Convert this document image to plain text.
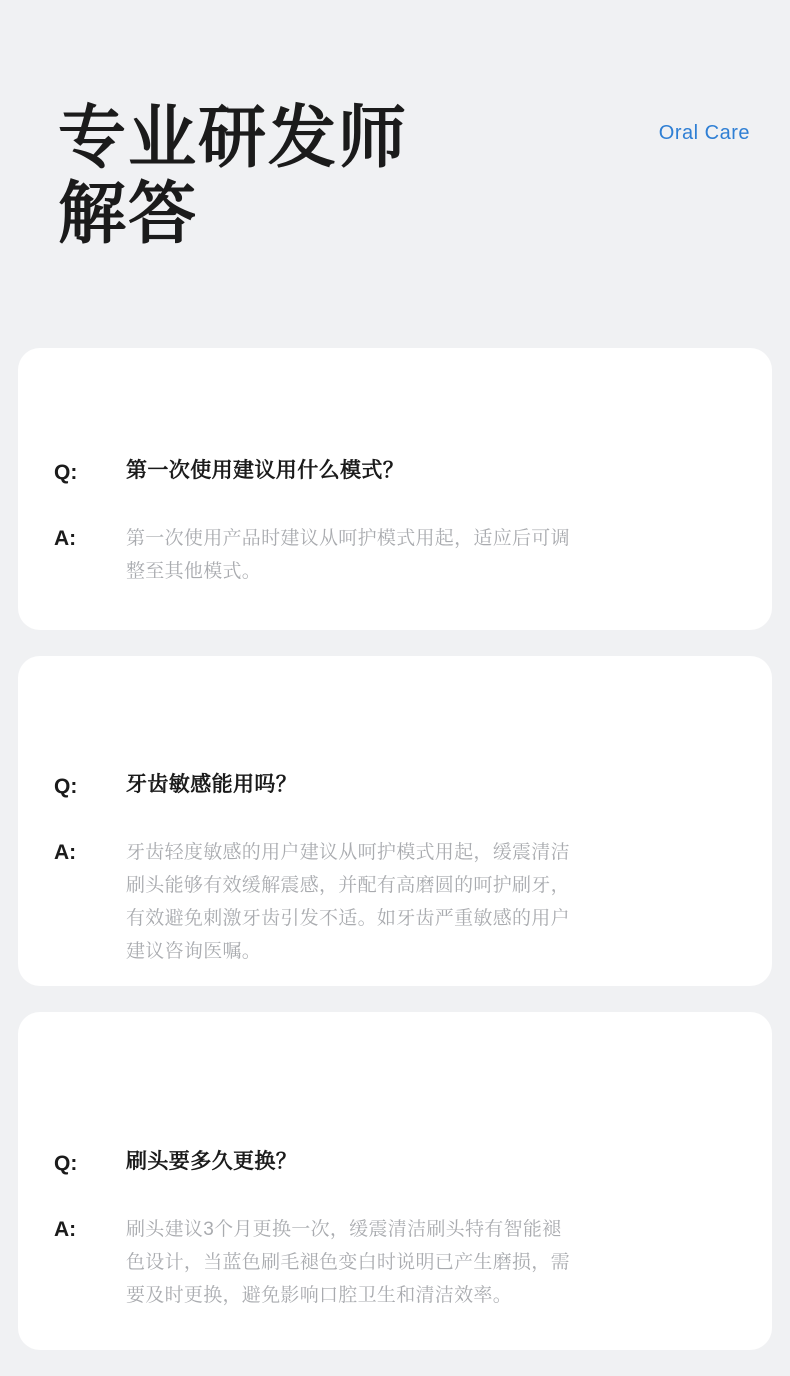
专业研发师
解答
Oral Care
Q:	第一次使用建议用什么模式？
A:	第一次使用产品时建议从呵护模式用起，适应后可调整至其他模式。
Q:	牙齿敏感能用吗？
A:	牙齿轻度敏感的用户建议从呵护模式用起，缓震清洁刷头能够有效缓解震感，并配有高磨圆的呵护刷牙，有效避免刺激牙齿引发不适。如牙齿严重敏感的用户建议咨询医嘱。
Q:	刷头要多久更换？
A:	刷头建议3个月更换一次，缓震清洁刷头特有智能褪色设计，当蓝色刷毛褪色变白时说明已产生磨损，需要及时更换，避免影响口腔卫生和清洁效率。
